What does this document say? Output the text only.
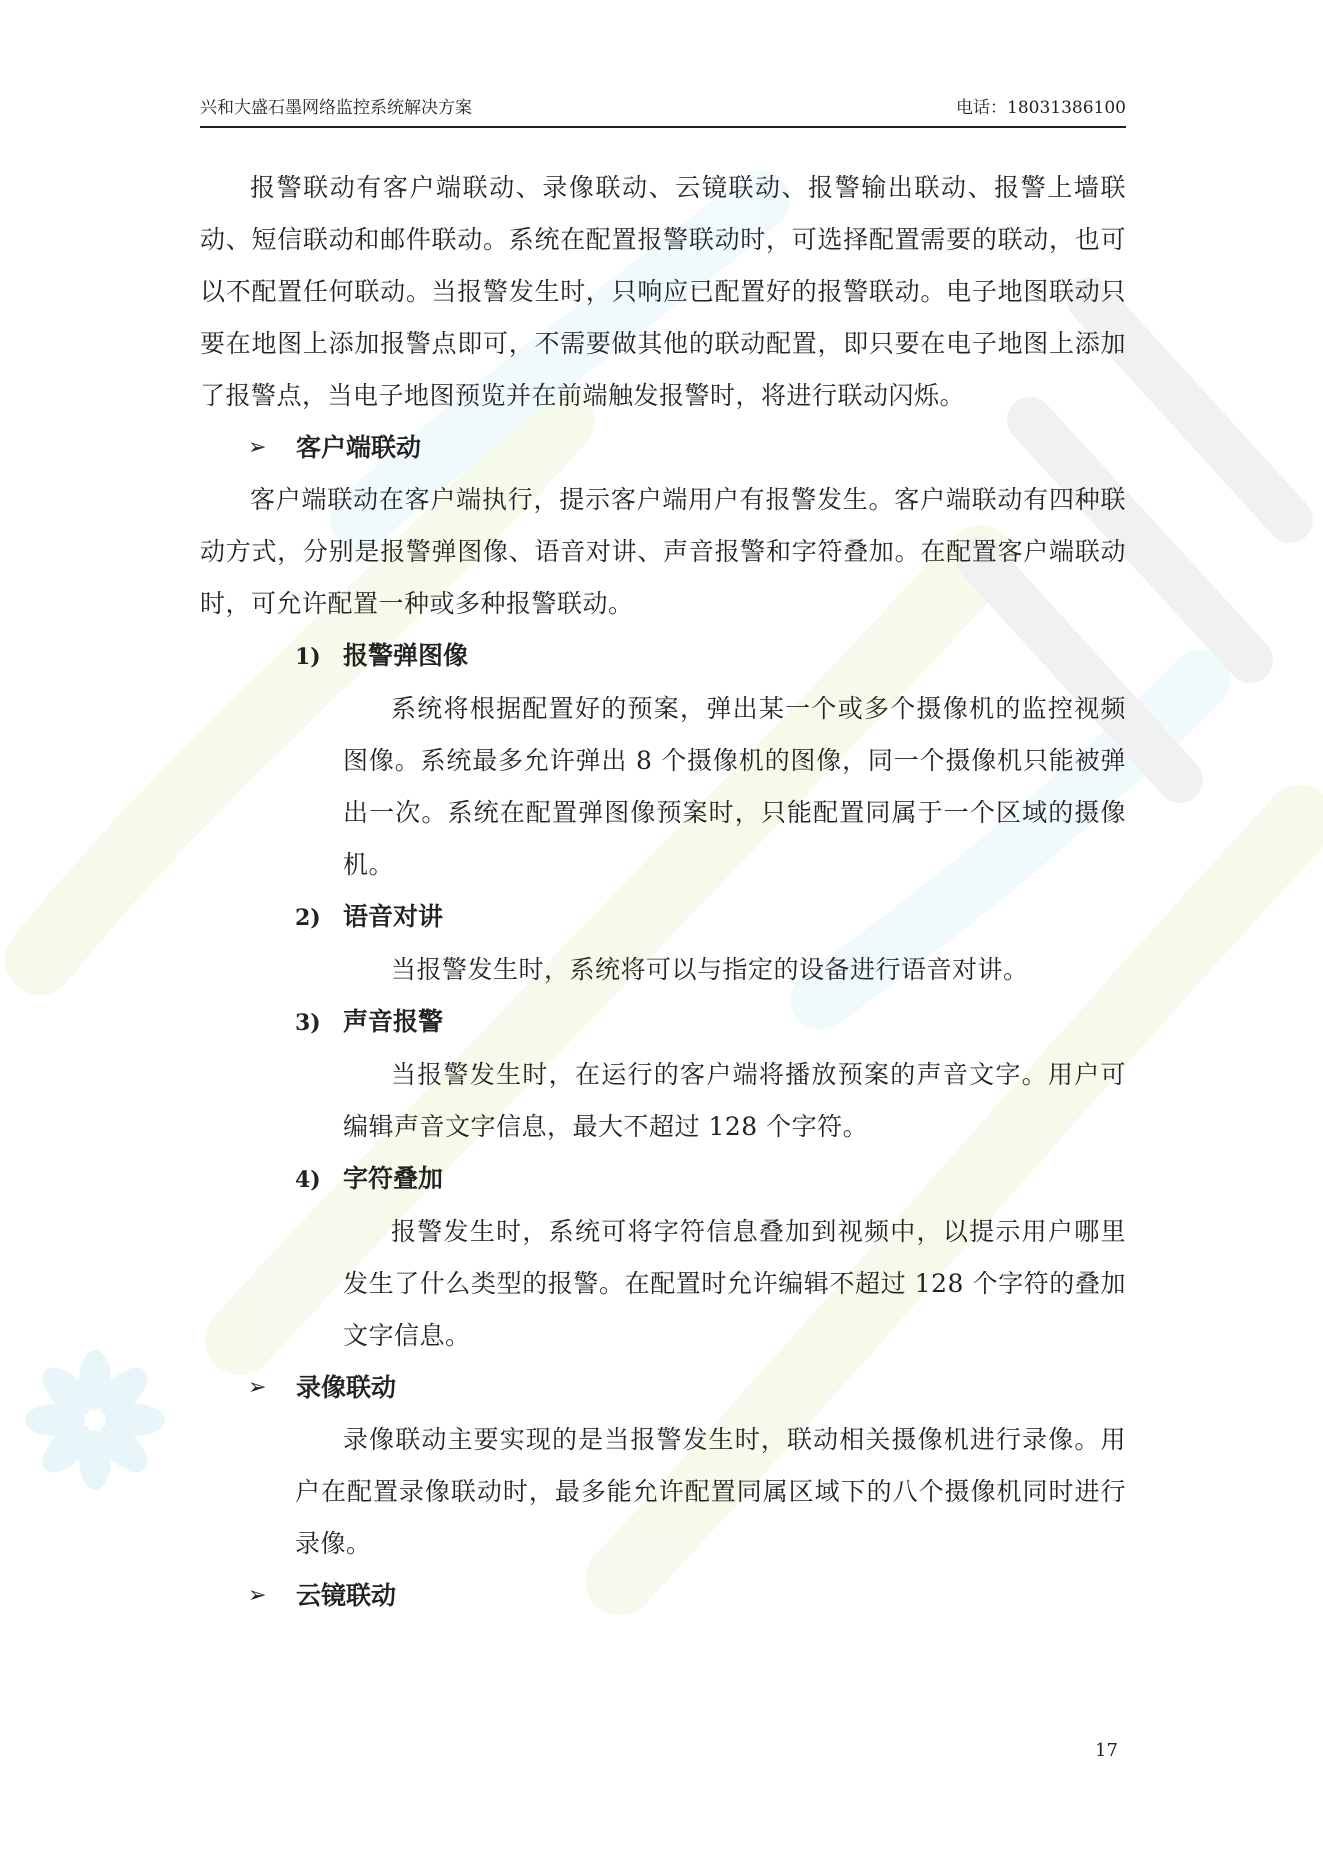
兴和大盛石墨网络监控系统解决方案	电话：18031386100

报警联动有客户端联动、录像联动、云镜联动、报警输出联动、报警上墙联动、短信联动和邮件联动。系统在配置报警联动时，可选择配置需要的联动，也可以不配置任何联动。当报警发生时，只响应已配置好的报警联动。电子地图联动只要在地图上添加报警点即可，不需要做其他的联动配置，即只要在电子地图上添加了报警点，当电子地图预览并在前端触发报警时，将进行联动闪烁。

➢ 客户端联动

客户端联动在客户端执行，提示客户端用户有报警发生。客户端联动有四种联动方式，分别是报警弹图像、语音对讲、声音报警和字符叠加。在配置客户端联动时，可允许配置一种或多种报警联动。

1) 报警弹图像

系统将根据配置好的预案，弹出某一个或多个摄像机的监控视频图像。系统最多允许弹出 8 个摄像机的图像，同一个摄像机只能被弹出一次。系统在配置弹图像预案时，只能配置同属于一个区域的摄像机。

2) 语音对讲

当报警发生时，系统将可以与指定的设备进行语音对讲。

3) 声音报警

当报警发生时，在运行的客户端将播放预案的声音文字。用户可编辑声音文字信息，最大不超过 128 个字符。

4) 字符叠加

报警发生时，系统可将字符信息叠加到视频中，以提示用户哪里发生了什么类型的报警。在配置时允许编辑不超过 128 个字符的叠加文字信息。

➢ 录像联动

录像联动主要实现的是当报警发生时，联动相关摄像机进行录像。用户在配置录像联动时，最多能允许配置同属区域下的八个摄像机同时进行录像。

➢ 云镜联动
17
